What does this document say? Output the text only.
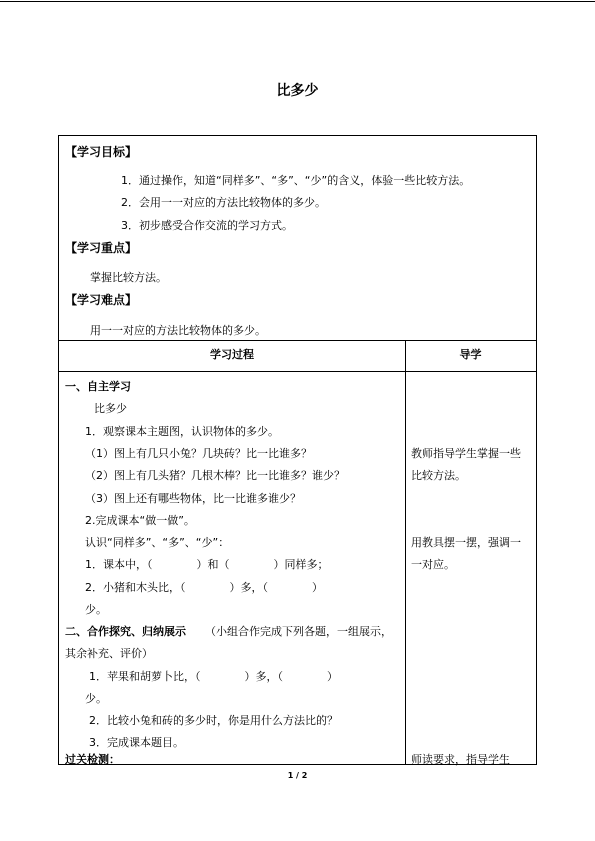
比多少
【学习目标】
1．通过操作，知道“同样多”、“多”、“少”的含义，体验一些比较方法。
2．会用一一对应的方法比较物体的多少。
3．初步感受合作交流的学习方式。
【学习重点】
掌握比较方法。
【学习难点】
用一一对应的方法比较物体的多少。
学习过程	导学
一、自主学习
比多少
1．观察课本主题图，认识物体的多少。
（1）图上有几只小兔？几块砖？比一比谁多？
（2）图上有几头猪？几根木棒？比一比谁多？谁少？
（3）图上还有哪些物体，比一比谁多谁少？
2.完成课本“做一做”。
认识“同样多”、“多”、“少”：
1．课本中，（　　　　）和（　　　　）同样多；
2．小猪和木头比，（　　　　）多，（　　　　）
少。
二、合作探究、归纳展示 （小组合作完成下列各题，一组展示，
其余补充、评价）
1．苹果和胡萝卜比，（　　　　）多，（　　　　）
少。
2．比较小兔和砖的多少时，你是用什么方法比的？
3．完成课本题目。
过关检测：
教师指导学生掌握一些
比较方法。
用教具摆一摆，强调一
一对应。
师读要求，指导学生
1 / 2
